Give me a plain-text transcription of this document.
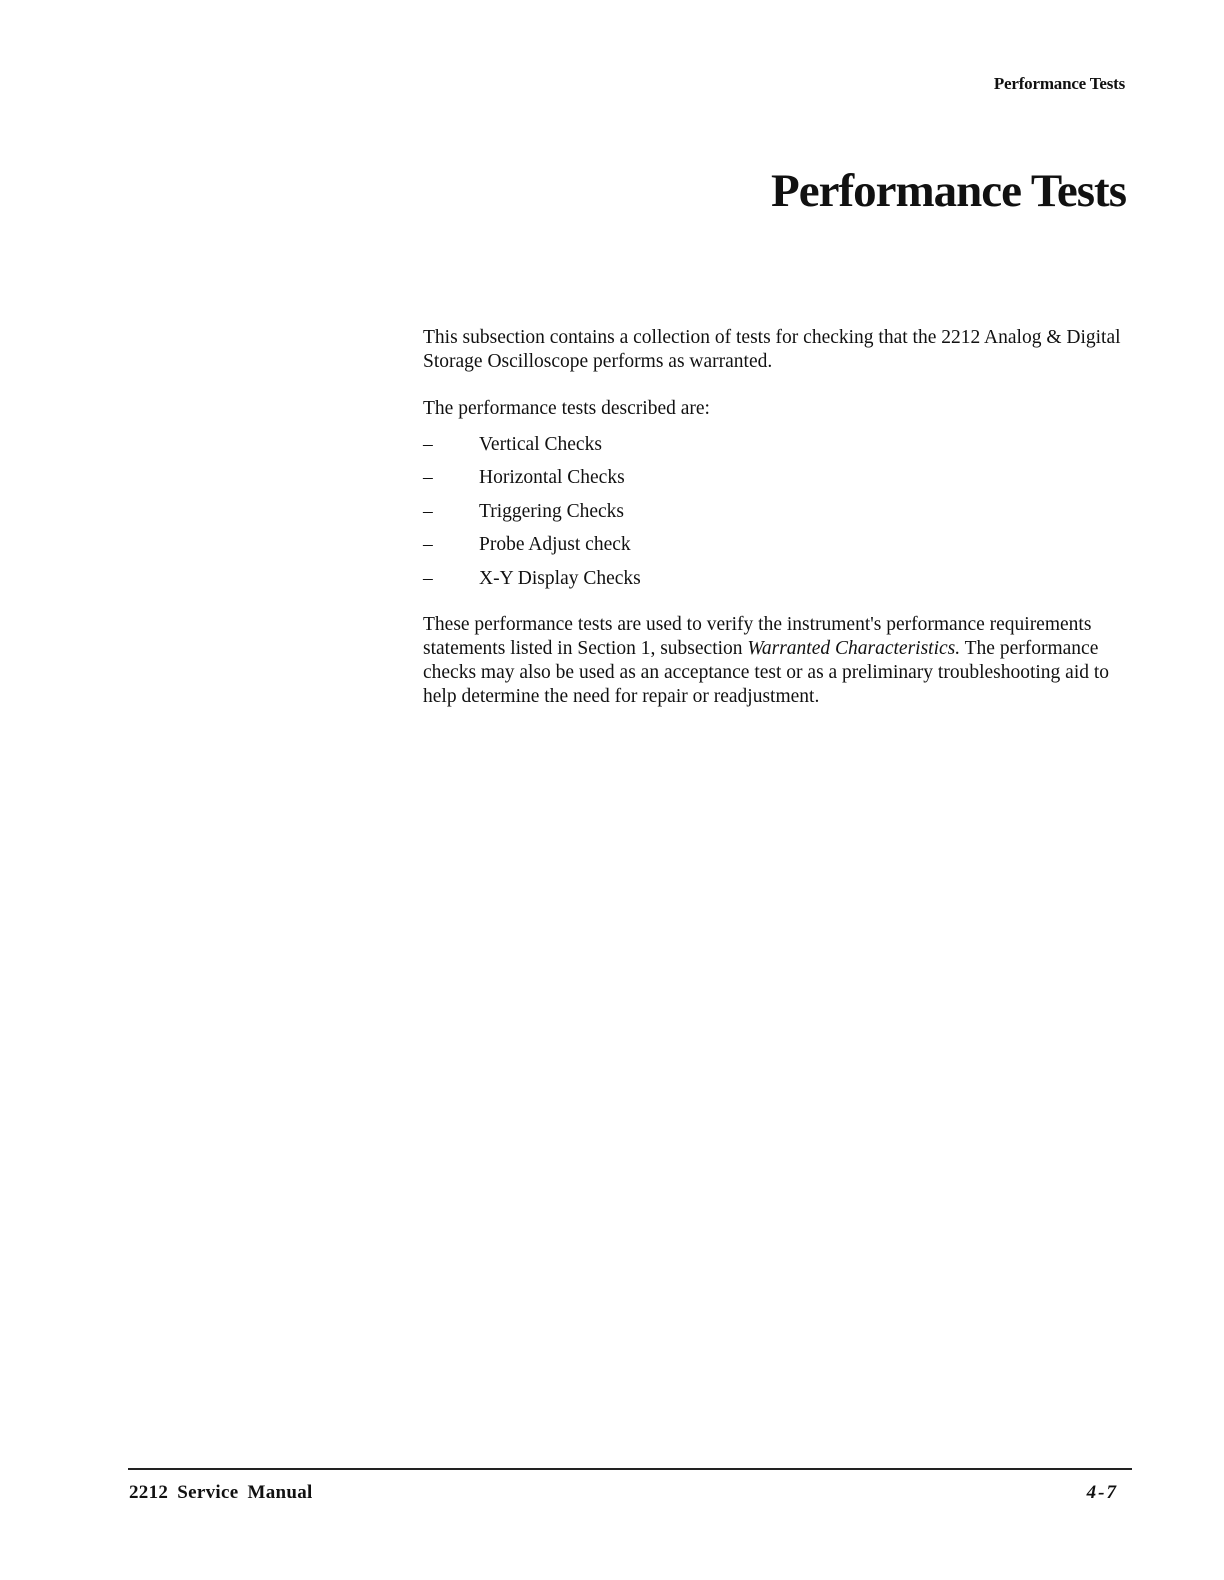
Performance Tests
Performance Tests

This subsection contains a collection of tests for checking that the 2212 Analog & Digital Storage Oscilloscope performs as warranted.

The performance tests described are:

–	Vertical Checks
–	Horizontal Checks
–	Triggering Checks
–	Probe Adjust check
–	X-Y Display Checks

These performance tests are used to verify the instrument's performance requirements statements listed in Section 1, subsection Warranted Characteristics. The performance checks may also be used as an acceptance test or as a preliminary troubleshooting aid to help determine the need for repair or readjustment.

2212 Service Manual	4-7
